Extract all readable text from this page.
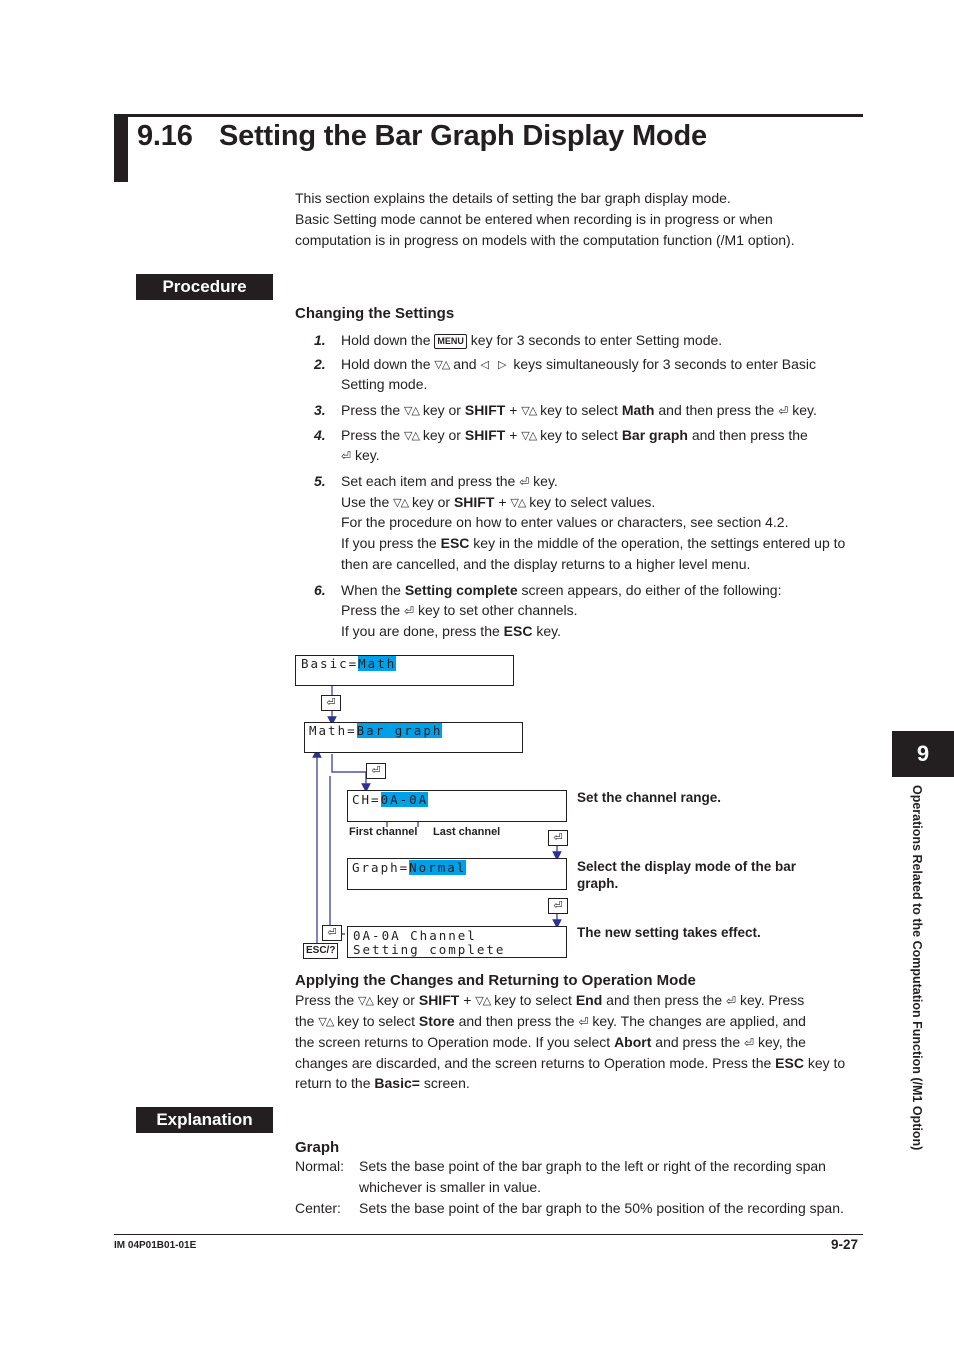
9.16 Setting the Bar Graph Display Mode

This section explains the details of setting the bar graph display mode.

Basic Setting mode cannot be entered when recording is in progress or when

computation is in progress on models with the computation function (/M1 option).

Procedure
Changing the Settings
1. Hold down the MENU key for 3 seconds to enter Setting mode.
2. Hold down the ▽△ and ◁ ▷ keys simultaneously for 3 seconds to enter Basic
Setting mode.
3. Press the ▽△ key or SHIFT + ▽△ key to select Math and then press the ⏎ key.
4. Press the ▽△ key or SHIFT + ▽△ key to select Bar graph and then press the
⏎ key.
5. Set each item and press the ⏎ key.
Use the ▽△ key or SHIFT + ▽△ key to select values.
For the procedure on how to enter values or characters, see section 4.2.
If you press the ESC key in the middle of the operation, the settings entered up to
then are cancelled, and the display returns to a higher level menu.
6. When the Setting complete screen appears, do either of the following:
Press the ⏎ key to set other channels.
If you are done, press the ESC key.
Basic=Math
⏎
Math=Bar graph
⏎
CH=0A-0A
First channel Last channel
Set the channel range.
⏎
Graph=Normal	Select the display mode of the bar
graph.
⏎
⏎
ESC/?
0A-0A Channel
Setting complete
The new setting takes effect.
Applying the Changes and Returning to Operation Mode
Press the ▽△ key or SHIFT + ▽△ key to select End and then press the ⏎ key. Press
the ▽△ key to select Store and then press the ⏎ key. The changes are applied, and
the screen returns to Operation mode. If you select Abort and press the ⏎ key, the
changes are discarded, and the screen returns to Operation mode. Press the ESC key to
return to the Basic= screen.
Explanation
Graph
Normal: Sets the base point of the bar graph to the left or right of the recording span
whichever is smaller in value.
Center: Sets the base point of the bar graph to the 50% position of the recording span.
9
Operations Related to the Computation Function (/M1 Option)
IM 04P01B01-01E	9-27
